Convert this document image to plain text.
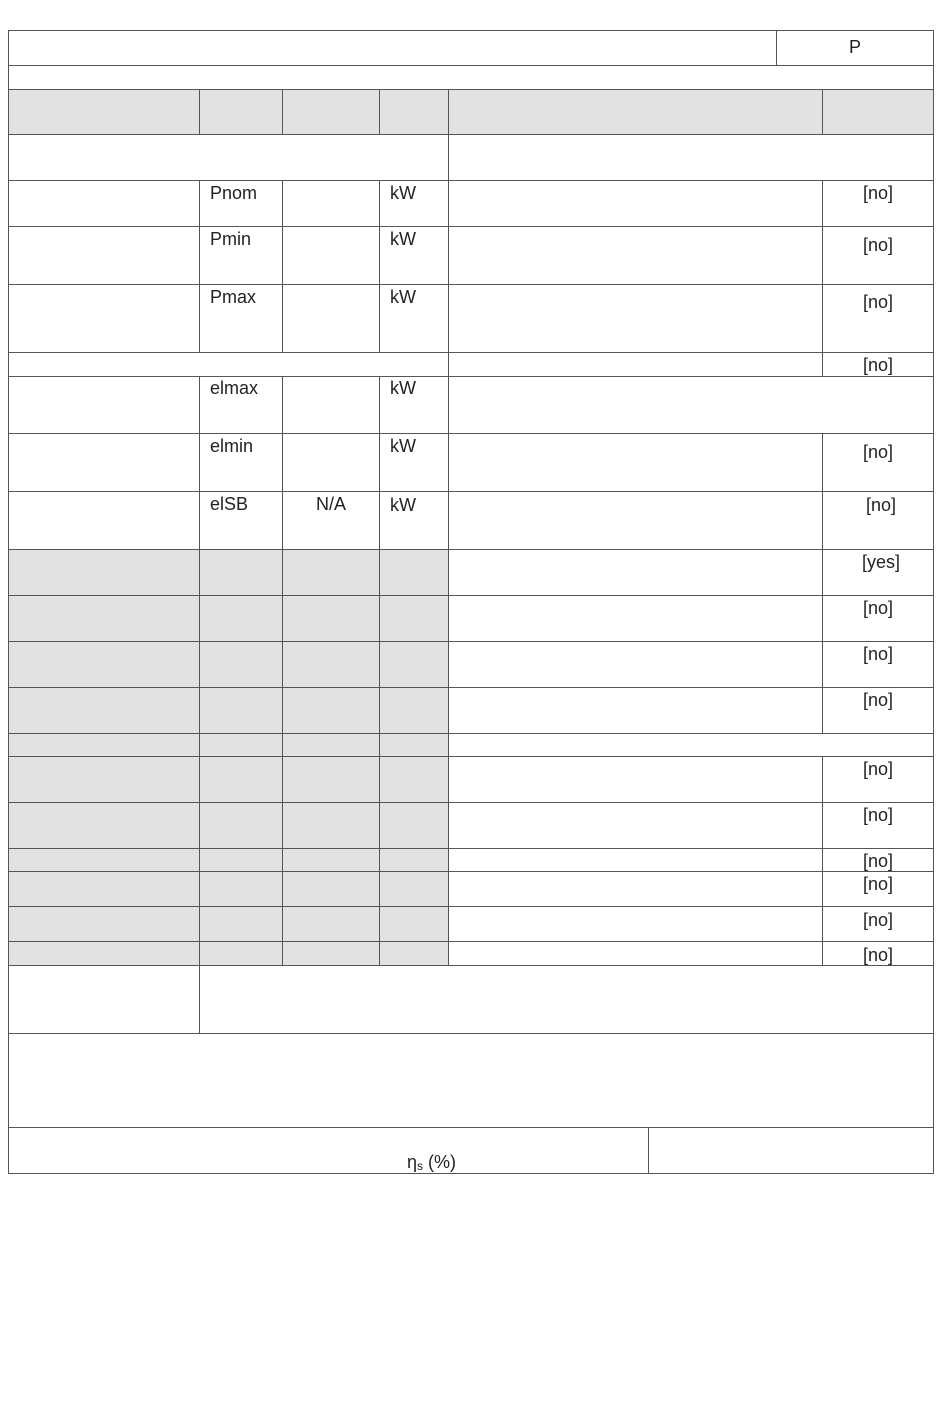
P
Pnom
Pmin
Pmax
elmax
elmin
elSB	N/A
kW
kW
kW
kW
kW
kW
[no]
[no]
[no]
[no]
[no]
[no]
[yes]
[no]
[no]
[no]
[no]
[no]
[no]
[no]
[no]
[no]
$\eta_s$ (%)
